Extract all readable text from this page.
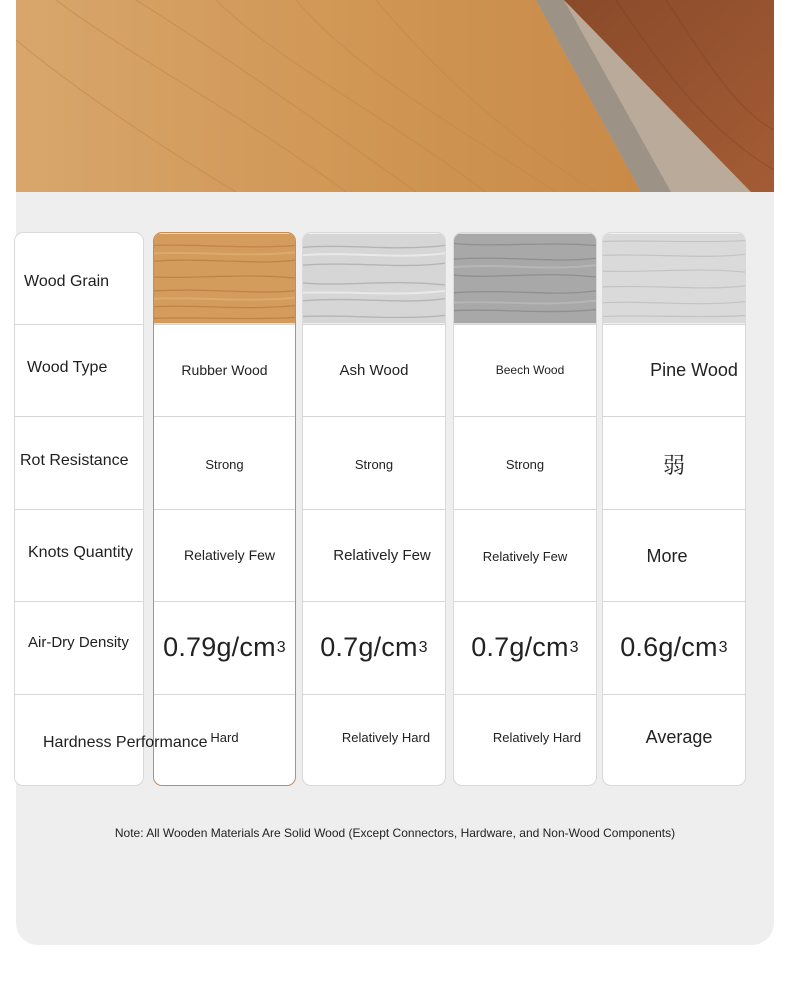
Wood Grain
Wood Type
Rot Resistance
Knots Quantity
Air-Dry Density
Hardness Performance
Rubber Wood
Strong
Relatively Few
0.79g/cm 3
Hard
Ash Wood
Strong
Relatively Few
0.7g/cm 3
Relatively Hard
Beech Wood
Strong
Relatively Few
0.7g/cm 3
Relatively Hard
Pine Wood
弱
More
0.6g/cm 3
Average
Note: All Wooden Materials Are Solid Wood (Except Connectors, Hardware, and Non-Wood Components)
